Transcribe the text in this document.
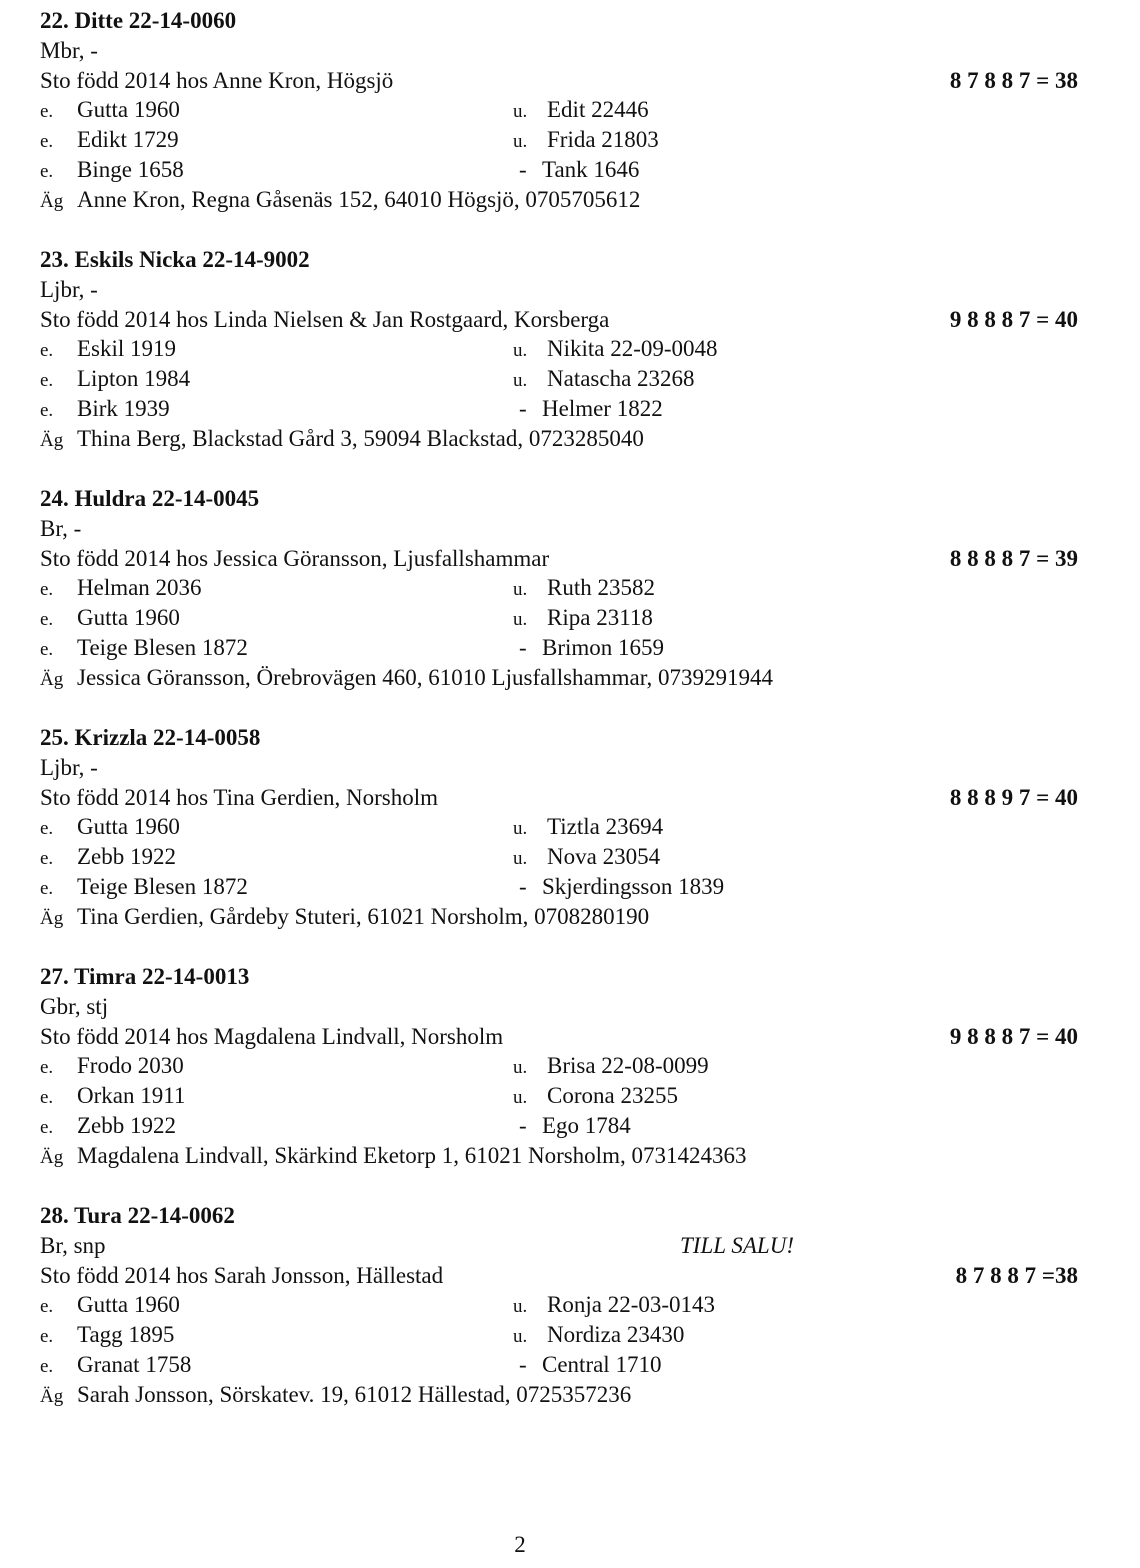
22. Ditte 22-14-0060
Mbr, -
Sto född 2014 hos Anne Kron, Högsjö	8 7 8 8 7 = 38
e. Gutta 1960	u. Edit 22446
e. Edikt 1729	u. Frida 21803
e. Binge 1658	- Tank 1646
Äg Anne Kron, Regna Gåsenäs 152, 64010 Högsjö, 0705705612
23. Eskils Nicka 22-14-9002
Ljbr, -
Sto född 2014 hos Linda Nielsen & Jan Rostgaard, Korsberga	9 8 8 8 7 = 40
e. Eskil 1919	u. Nikita 22-09-0048
e. Lipton 1984	u. Natascha 23268
e. Birk 1939	- Helmer 1822
Äg Thina Berg, Blackstad Gård 3, 59094 Blackstad, 0723285040
24. Huldra 22-14-0045
Br, -
Sto född 2014 hos Jessica Göransson, Ljusfallshammar	8 8 8 8 7 = 39
e. Helman 2036	u. Ruth 23582
e. Gutta 1960	u. Ripa 23118
e. Teige Blesen 1872	- Brimon 1659
Äg Jessica Göransson, Örebrovägen 460, 61010 Ljusfallshammar, 0739291944
25. Krizzla 22-14-0058
Ljbr, -
Sto född 2014 hos Tina Gerdien, Norsholm	8 8 8 9 7 = 40
e. Gutta 1960	u. Tiztla 23694
e. Zebb 1922	u. Nova 23054
e. Teige Blesen 1872	- Skjerdingsson 1839
Äg Tina Gerdien, Gårdeby Stuteri, 61021 Norsholm, 0708280190
27. Timra 22-14-0013
Gbr, stj
Sto född 2014 hos Magdalena Lindvall, Norsholm	9 8 8 8 7 = 40
e. Frodo 2030	u. Brisa 22-08-0099
e. Orkan 1911	u. Corona 23255
e. Zebb 1922	- Ego 1784
Äg Magdalena Lindvall, Skärkind Eketorp 1, 61021 Norsholm, 0731424363
28. Tura 22-14-0062
Br, snp	TILL SALU!
Sto född 2014 hos Sarah Jonsson, Hällestad	8 7 8 8 7 =38
e. Gutta 1960	u. Ronja 22-03-0143
e. Tagg 1895	u. Nordiza 23430
e. Granat 1758	- Central 1710
Äg Sarah Jonsson, Sörskatev. 19, 61012 Hällestad, 0725357236
2
